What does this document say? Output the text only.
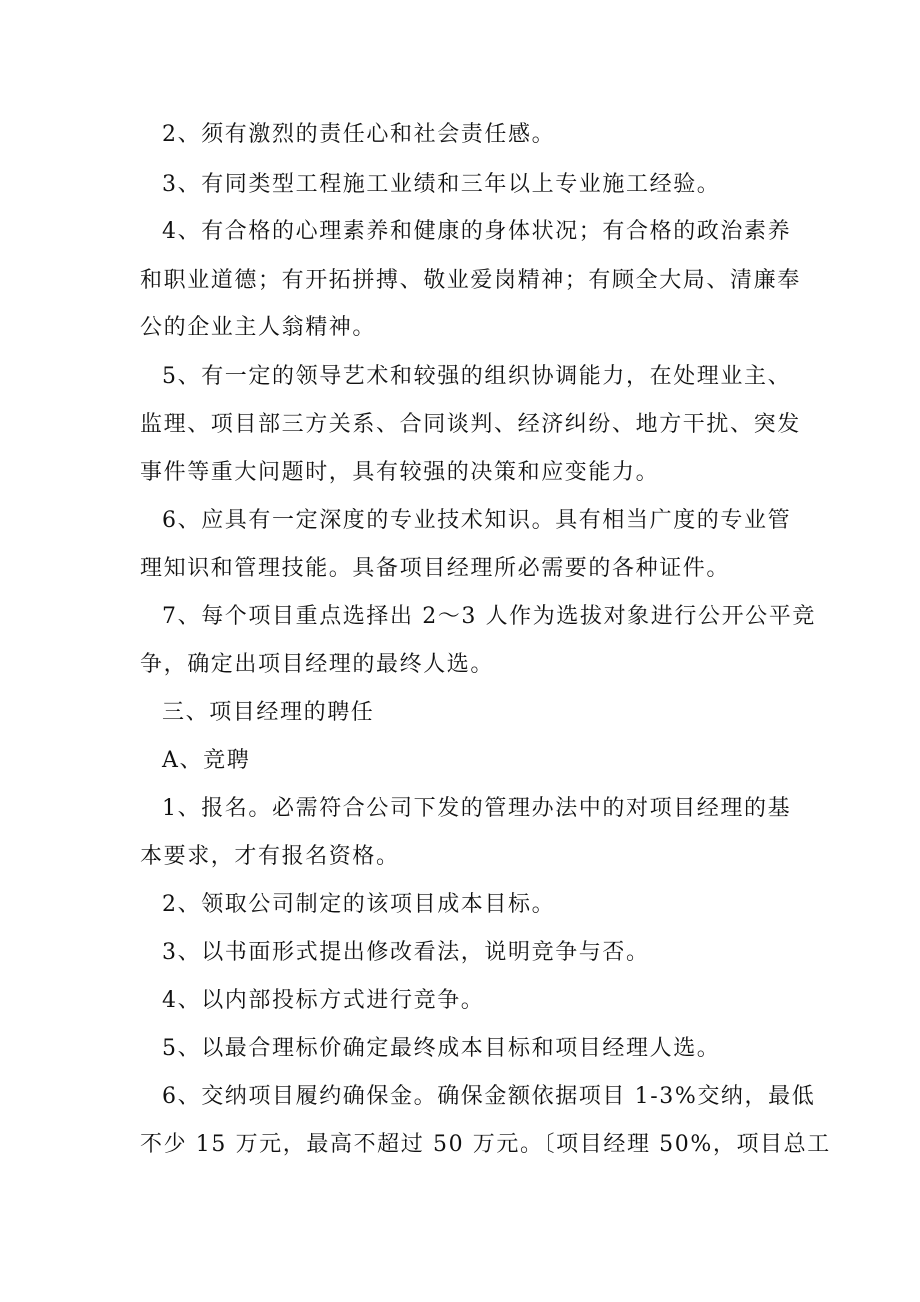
2、须有激烈的责任心和社会责任感。
3、有同类型工程施工业绩和三年以上专业施工经验。
4、有合格的心理素养和健康的身体状况；有合格的政治素养
和职业道德；有开拓拼搏、敬业爱岗精神；有顾全大局、清廉奉
公的企业主人翁精神。
5、有一定的领导艺术和较强的组织协调能力，在处理业主、
监理、项目部三方关系、合同谈判、经济纠纷、地方干扰、突发
事件等重大问题时，具有较强的决策和应变能力。
6、应具有一定深度的专业技术知识。具有相当广度的专业管
理知识和管理技能。具备项目经理所必需要的各种证件。
7、每个项目重点选择出 2～3 人作为选拔对象进行公开公平竞
争，确定出项目经理的最终人选。
三、项目经理的聘任
A、竞聘
1、报名。必需符合公司下发的管理办法中的对项目经理的基
本要求，才有报名资格。
2、领取公司制定的该项目成本目标。
3、以书面形式提出修改看法，说明竞争与否。
4、以内部投标方式进行竞争。
5、以最合理标价确定最终成本目标和项目经理人选。
6、交纳项目履约确保金。确保金额依据项目 1-3%交纳，最低
不少 15 万元，最高不超过 50 万元。〔项目经理 50%，项目总工
